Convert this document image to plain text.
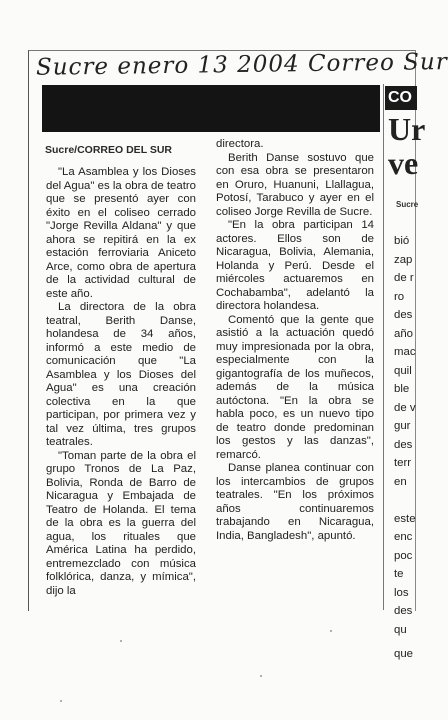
Sucre enero 13 2004 Correo Sur
Sucre/CORREO DEL SUR

"La Asamblea y los Dioses del Agua" es la obra de teatro que se presentó ayer con éxito en el coliseo cerrado "Jorge Revilla Aldana" y que ahora se repitirá en la ex estación ferroviaria Aniceto Arce, como obra de apertura de la actividad cultural de este año.

La directora de la obra teatral, Berith Danse, holandesa de 34 años, informó a este medio de comunicación que "La Asamblea y los Dioses del Agua" es una creación colectiva en la que participan, por primera vez y tal vez última, tres grupos teatrales.

"Toman parte de la obra el grupo Tronos de La Paz, Bolivia, Ronda de Barro de Nicaragua y Embajada de Teatro de Holanda. El tema de la obra es la guerra del agua, los rituales que América Latina ha perdido, entremezclado con música folklórica, danza, y mímica", dijo la

directora.

Berith Danse sostuvo que con esa obra se presentaron en Oruro, Huanuni, Llallagua, Potosí, Tarabuco y ayer en el coliseo Jorge Revilla de Sucre.

"En la obra participan 14 actores. Ellos son de Nicaragua, Bolivia, Alemania, Holanda y Perú. Desde el miércoles actuaremos en Cochabamba", adelantó la directora holandesa.

Comentó que la gente que asistió a la actuación quedó muy impresionada por la obra, especialmente con la gigantografía de los muñecos, además de la música autóctona. "En la obra se habla poco, es un nuevo tipo de teatro donde predominan los gestos y las danzas", remarcó.

Danse planea continuar con los intercambios de grupos teatrales. "En los próximos años continuaremos trabajando en Nicaragua, India, Bangladesh", apuntó.

CO
Ur
ve
Sucre
bió
zap
de r
ro
des
año
mac
quil
ble
de v
gur
des
terr
en

este
enc
poc
te
los
des
qu
que
